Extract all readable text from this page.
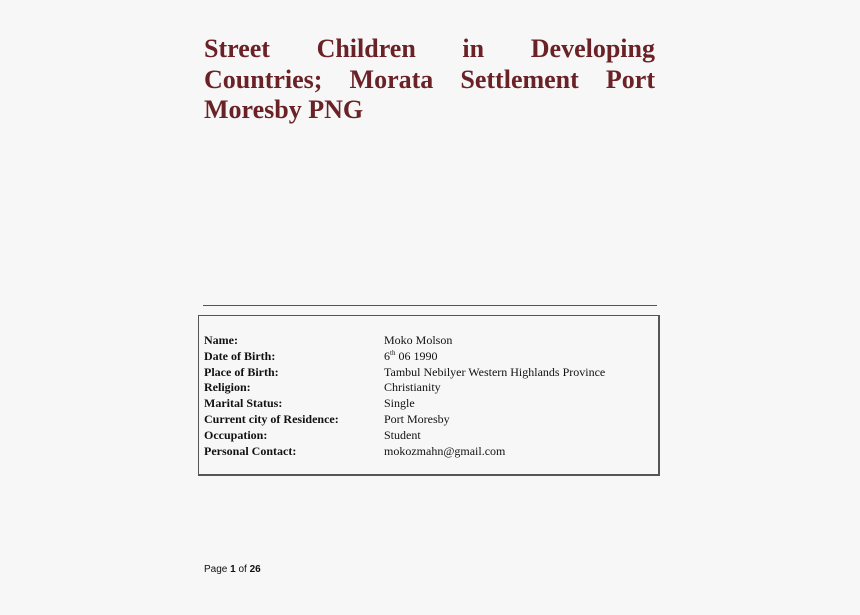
Street Children in Developing
Countries; Morata Settlement Port
Moresby PNG
Name:	Moko Molson
Date of Birth:	6th 06 1990
Place of Birth:	Tambul Nebilyer Western Highlands Province
Religion:	Christianity
Marital Status:	Single
Current city of Residence:	Port Moresby
Occupation:	Student
Personal Contact:	mokozmahn@gmail.com
Page 1 of 26
